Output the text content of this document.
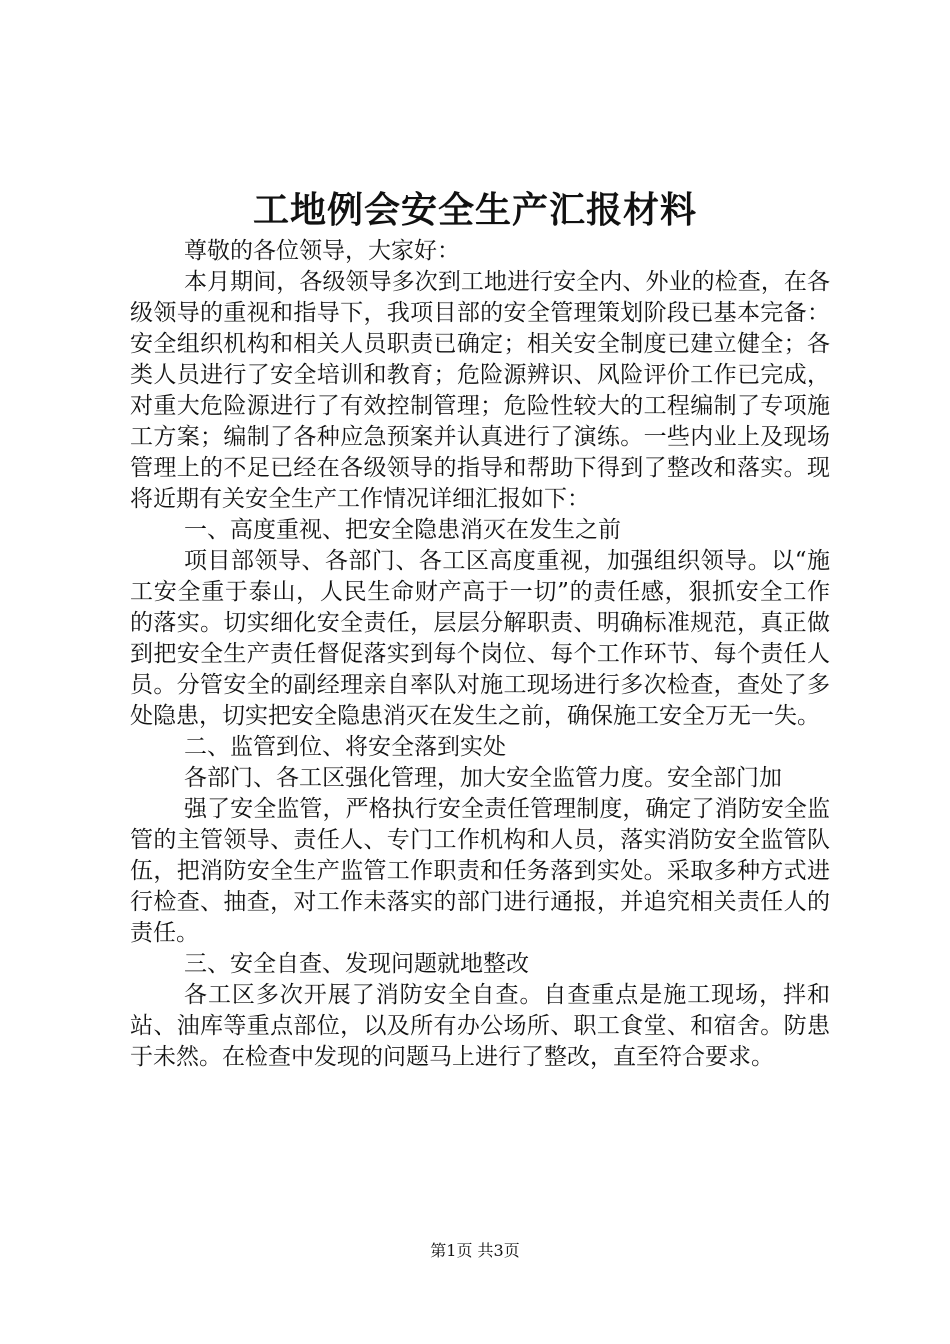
工地例会安全生产汇报材料

尊敬的各位领导，大家好：

本月期间，各级领导多次到工地进行安全内、外业的检查，在各级领导的重视和指导下，我项目部的安全管理策划阶段已基本完备：安全组织机构和相关人员职责已确定；相关安全制度已建立健全；各类人员进行了安全培训和教育；危险源辨识、风险评价工作已完成，对重大危险源进行了有效控制管理；危险性较大的工程编制了专项施工方案；编制了各种应急预案并认真进行了演练。一些内业上及现场管理上的不足已经在各级领导的指导和帮助下得到了整改和落实。现将近期有关安全生产工作情况详细汇报如下：

一、高度重视、把安全隐患消灭在发生之前

项目部领导、各部门、各工区高度重视，加强组织领导。以“施工安全重于泰山，人民生命财产高于一切”的责任感，狠抓安全工作的落实。切实细化安全责任，层层分解职责、明确标准规范，真正做到把安全生产责任督促落实到每个岗位、每个工作环节、每个责任人员。分管安全的副经理亲自率队对施工现场进行多次检查，查处了多处隐患，切实把安全隐患消灭在发生之前，确保施工安全万无一失。

二、监管到位、将安全落到实处

各部门、各工区强化管理，加大安全监管力度。安全部门加

强了安全监管，严格执行安全责任管理制度，确定了消防安全监管的主管领导、责任人、专门工作机构和人员，落实消防安全监管队伍，把消防安全生产监管工作职责和任务落到实处。采取多种方式进行检查、抽查，对工作未落实的部门进行通报，并追究相关责任人的责任。

三、安全自查、发现问题就地整改

各工区多次开展了消防安全自查。自查重点是施工现场，拌和站、油库等重点部位，以及所有办公场所、职工食堂、和宿舍。防患于未然。在检查中发现的问题马上进行了整改，直至符合要求。

第1页 共3页
